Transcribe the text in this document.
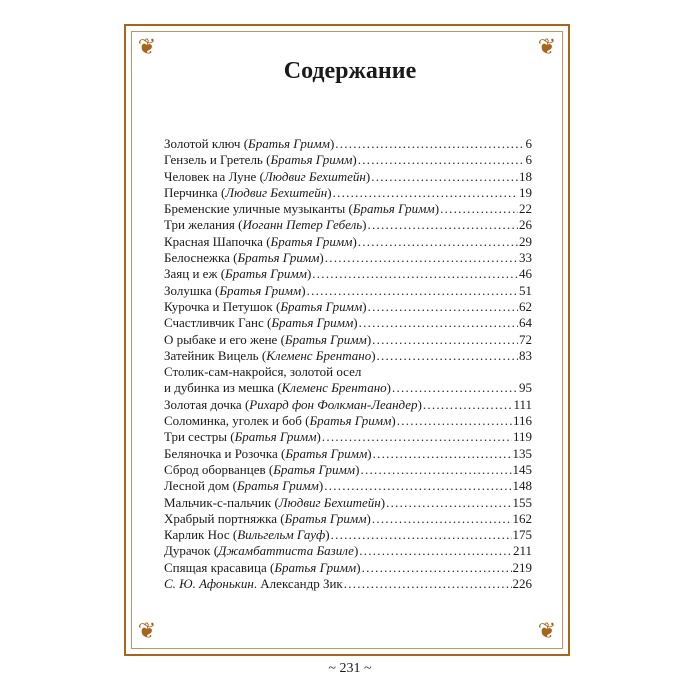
❦	❦
❦	❦
Содержание
Золотой ключ (Братья Гримм) . . .	6
Гензель и Гретель (Братья Гримм) . . .	6
Человек на Луне (Людвиг Бехштейн) . . .	18
Перчинка (Людвиг Бехштейн) . . .	19
Бременские уличные музыканты (Братья Гримм) . . .	22
Три желания (Иоганн Петер Гебель) . . .	26
Красная Шапочка (Братья Гримм) . . .	29
Белоснежка (Братья Гримм) . . .	33
Заяц и еж (Братья Гримм) . . .	46
Золушка (Братья Гримм) . . .	51
Курочка и Петушок (Братья Гримм) . . .	62
Счастливчик Ганс (Братья Гримм) . . .	64
О рыбаке и его жене (Братья Гримм) . . .	72
Затейник Вицель (Клеменс Брентано) . . .	83
Столик-сам-накройся, золотой осел
и дубинка из мешка (Клеменс Брентано) . . .	95
Золотая дочка (Рихард фон Фолкман-Леандер) . . .	111
Соломинка, уголек и боб (Братья Гримм) . . .	116
Три сестры (Братья Гримм) . . .	119
Беляночка и Розочка (Братья Гримм) . . .	135
Сброд оборванцев (Братья Гримм) . . .	145
Лесной дом (Братья Гримм) . . .	148
Мальчик-с-пальчик (Людвиг Бехштейн) . . .	155
Храбрый портняжка (Братья Гримм) . . .	162
Карлик Нос (Вильгельм Гауф) . . .	175
Дурачок (Джамбаттиста Базиле) . . .	211
Спящая красавица (Братья Гримм) . . .	219
С. Ю. Афонькин. Александр Зик . . .	226
~ 231 ~
